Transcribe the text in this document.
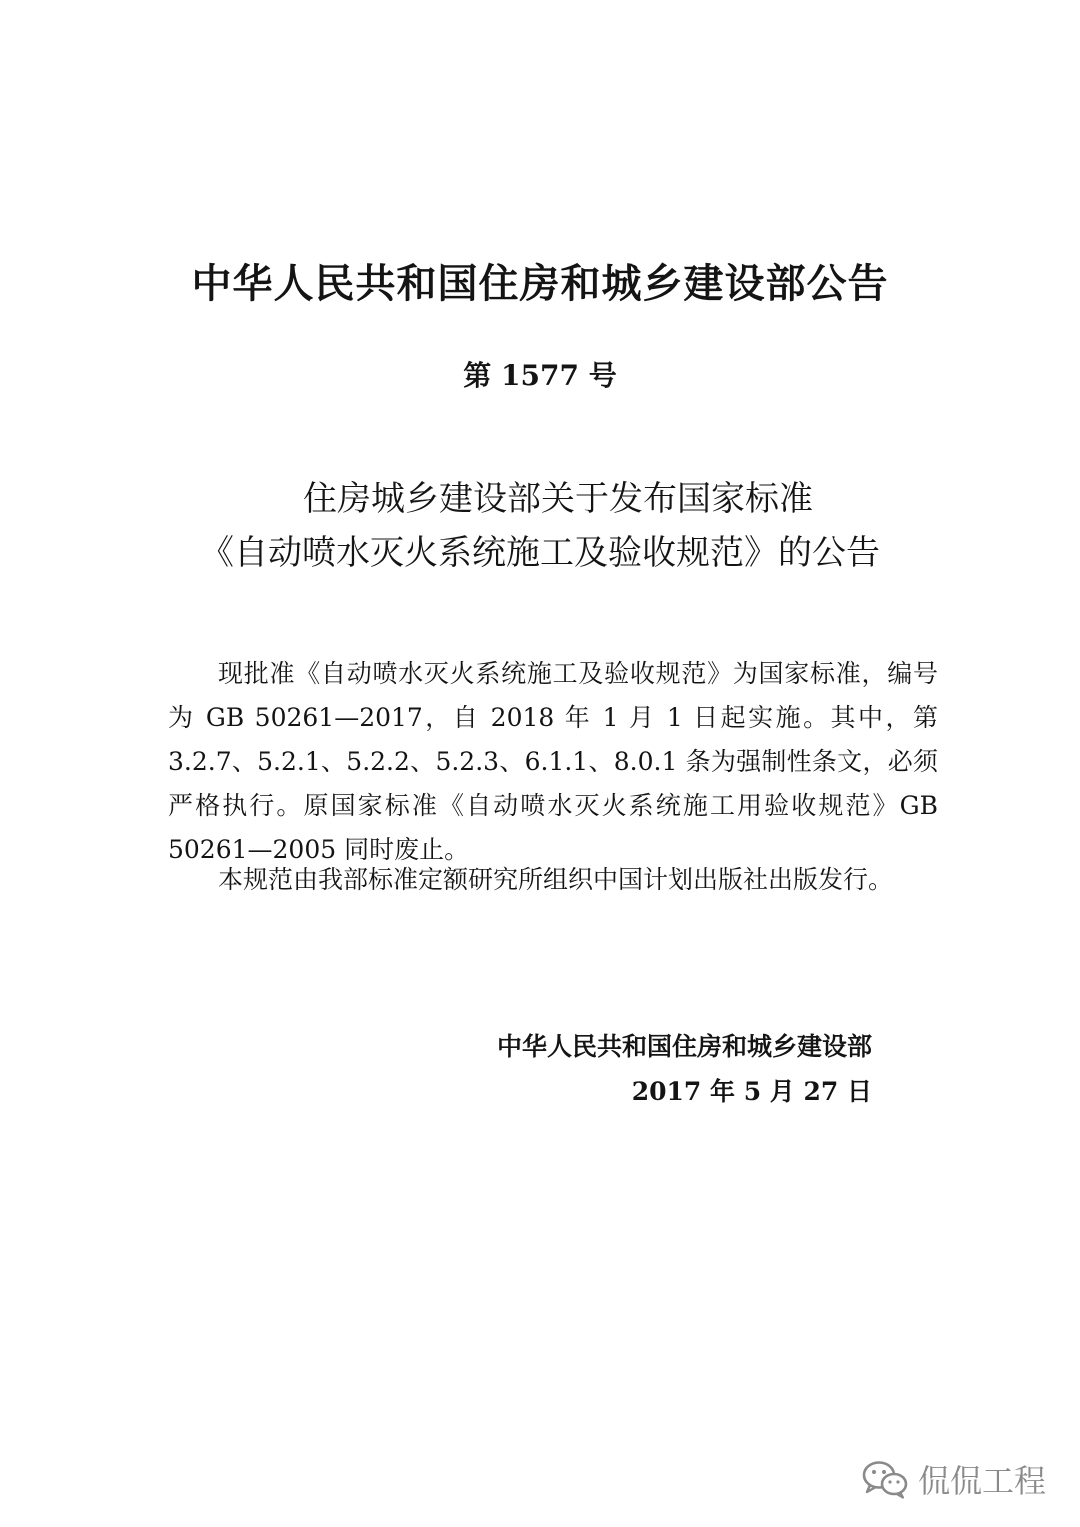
中华人民共和国住房和城乡建设部公告
第 1577 号
住房城乡建设部关于发布国家标准
《自动喷水灭火系统施工及验收规范》的公告

现批准《自动喷水灭火系统施工及验收规范》为国家标准，编号为 GB 50261—2017，自 2018 年 1 月 1 日起实施。其中，第 3.2.7、5.2.1、5.2.2、5.2.3、6.1.1、8.0.1 条为强制性条文，必须严格执行。原国家标准《自动喷水灭火系统施工用验收规范》GB 50261—2005 同时废止。

本规范由我部标准定额研究所组织中国计划出版社出版发行。

中华人民共和国住房和城乡建设部
2017 年 5 月 27 日
侃侃工程
